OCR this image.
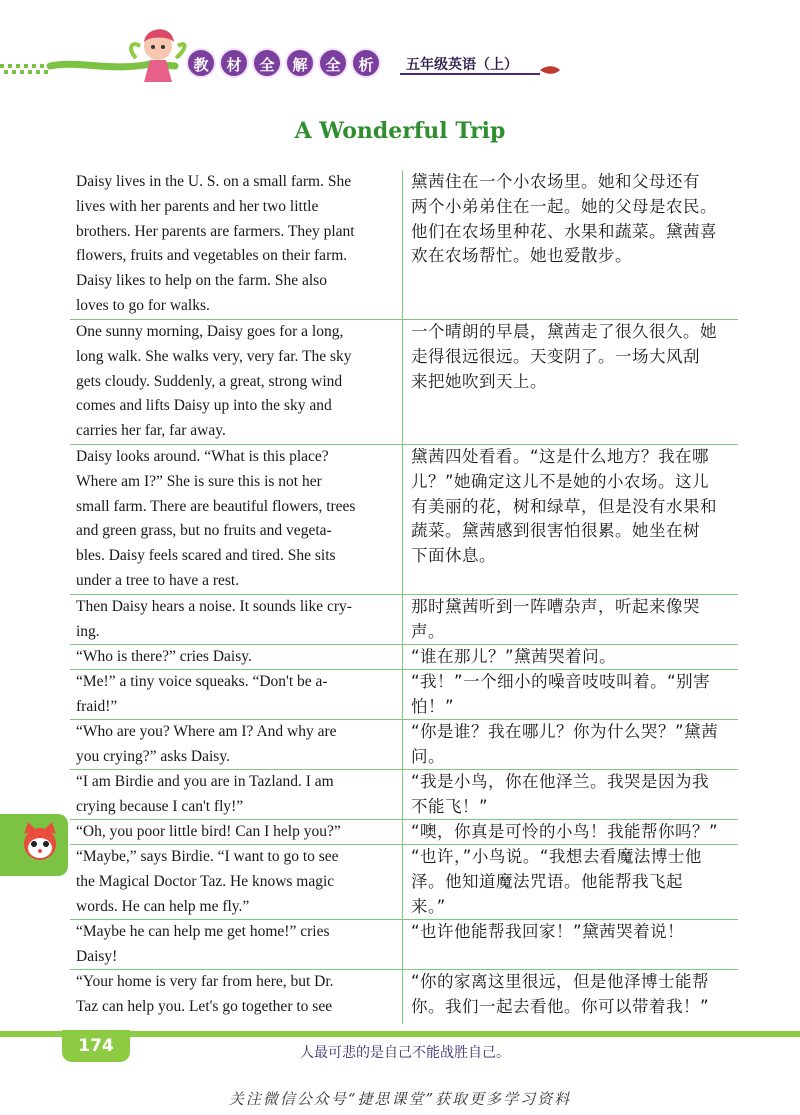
教	材	全	解	全	析	五年级英语（上）
A Wonderful Trip
Daisy lives in the U. S. on a small farm. She
lives with her parents and her two little
brothers. Her parents are farmers. They plant
flowers, fruits and vegetables on their farm.
Daisy likes to help on the farm. She also
loves to go for walks.
黛茜住在一个小农场里。她和父母还有
两个小弟弟住在一起。她的父母是农民。
他们在农场里种花、水果和蔬菜。黛茜喜
欢在农场帮忙。她也爱散步。
One sunny morning, Daisy goes for a long,
long walk. She walks very, very far. The sky
gets cloudy. Suddenly, a great, strong wind
comes and lifts Daisy up into the sky and
carries her far, far away.
一个晴朗的早晨，黛茜走了很久很久。她
走得很远很远。天变阴了。一场大风刮
来把她吹到天上。
Daisy looks around. “What is this place?
Where am I?” She is sure this is not her
small farm. There are beautiful flowers, trees
and green grass, but no fruits and vegeta-
bles. Daisy feels scared and tired. She sits
under a tree to have a rest.
黛茜四处看看。“这是什么地方？我在哪
儿？”她确定这儿不是她的小农场。这儿
有美丽的花，树和绿草，但是没有水果和
蔬菜。黛茜感到很害怕很累。她坐在树
下面休息。
Then Daisy hears a noise. It sounds like cry-
ing.
那时黛茜听到一阵嘈杂声，听起来像哭
声。
“Who is there?” cries Daisy.	“谁在那儿？”黛茜哭着问。
“Me!” a tiny voice squeaks. “Don't be a-
fraid!”
“我！”一个细小的噪音吱吱叫着。“别害
怕！”
“Who are you? Where am I? And why are
you crying?” asks Daisy.
“你是谁？我在哪儿？你为什么哭？”黛茜
问。
“I am Birdie and you are in Tazland. I am
crying because I can't fly!”
“我是小鸟，你在他泽兰。我哭是因为我
不能飞！”
“Oh, you poor little bird! Can I help you?”	“噢，你真是可怜的小鸟！我能帮你吗？”
“Maybe,” says Birdie. “I want to go to see
the Magical Doctor Taz. He knows magic
words. He can help me fly.”
“也许，”小鸟说。“我想去看魔法博士他
泽。他知道魔法咒语。他能帮我飞起
来。”
“Maybe he can help me get home!” cries
Daisy!
“也许他能帮我回家！”黛茜哭着说！
“Your home is very far from here, but Dr.
Taz can help you. Let's go together to see
“你的家离这里很远，但是他泽博士能帮
你。我们一起去看他。你可以带着我！”
174	人最可悲的是自己不能战胜自己。
关注微信公众号“捷思课堂”获取更多学习资料
